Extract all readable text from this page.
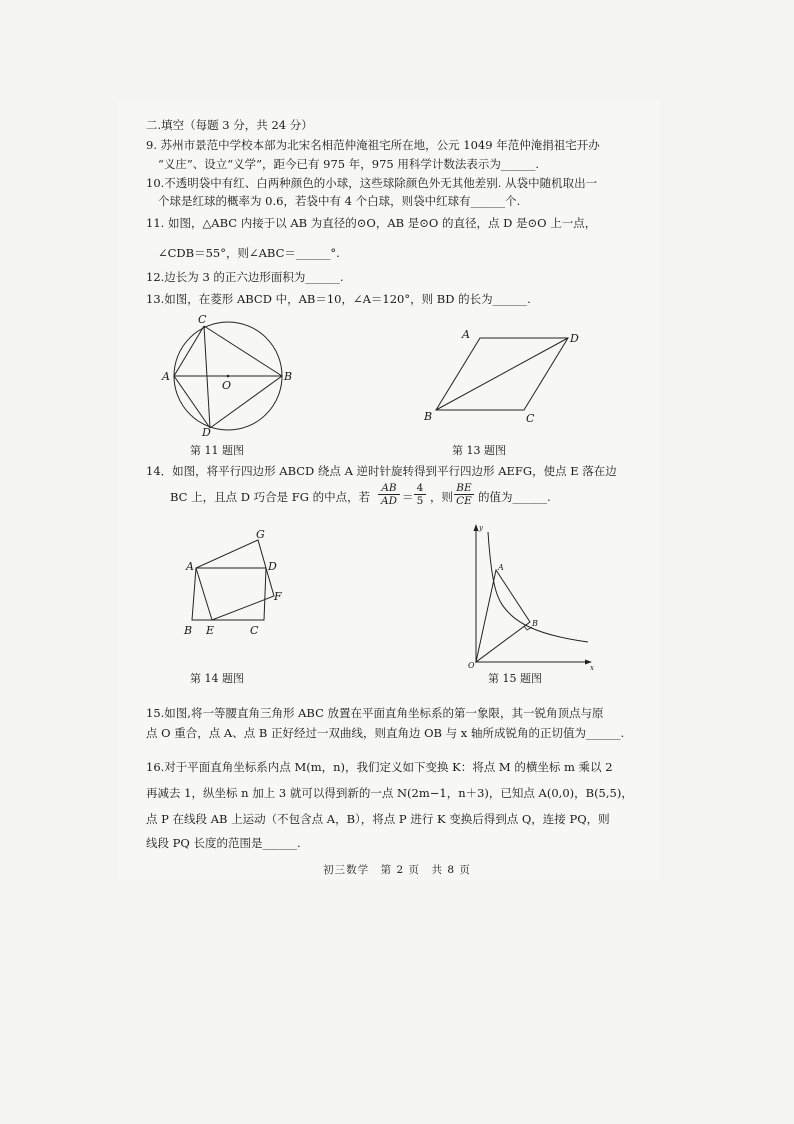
二.填空（每题 3 分，共 24 分）
9. 苏州市景范中学校本部为北宋名相范仲淹祖宅所在地，公元 1049 年范仲淹捐祖宅开办
“义庄”、设立“义学”，距今已有 975 年，975 用科学计数法表示为______.
10.不透明袋中有红、白两种颜色的小球，这些球除颜色外无其他差别. 从袋中随机取出一
个球是红球的概率为 0.6，若袋中有 4 个白球，则袋中红球有______个.
11. 如图，△ABC 内接于以 AB 为直径的⊙O，AB 是⊙O 的直径，点 D 是⊙O 上一点，
∠CDB＝55°，则∠ABC＝______°.
12.边长为 3 的正六边形面积为______.
13.如图，在菱形 ABCD 中，AB＝10，∠A＝120°，则 BD 的长为______.
A	B
C
D
O
第 11 题图
A	D
B	C
第 13 题图
14．如图，将平行四边形 ABCD 绕点 A 逆时针旋转得到平行四边形 AEFG，使点 E 落在边
BC 上，且点 D 巧合是 FG 的中点，若 $\frac{AB}{AD} = \frac{4}{5}$ ，则 $\frac{BE}{CE}$ 的值为______.
A
G
D
F
B E	C
第 14 题图
A
B
O	x
y
第 15 题图
15.如图,将一等腰直角三角形 ABC 放置在平面直角坐标系的第一象限，其一锐角顶点与原
点 O 重合，点 A、点 B 正好经过一双曲线，则直角边 OB 与 x 轴所成锐角的正切值为______.
16.对于平面直角坐标系内点 M(m，n)，我们定义如下变换 K：将点 M 的横坐标 m 乘以 2
再减去 1，纵坐标 n 加上 3 就可以得到新的一点 N(2m−1，n＋3)，已知点 A(0,0)，B(5,5)，
点 P 在线段 AB 上运动（不包含点 A，B），将点 P 进行 K 变换后得到点 Q，连接 PQ，则
线段 PQ 长度的范围是______.
初三数学　第 2 页　共 8 页
